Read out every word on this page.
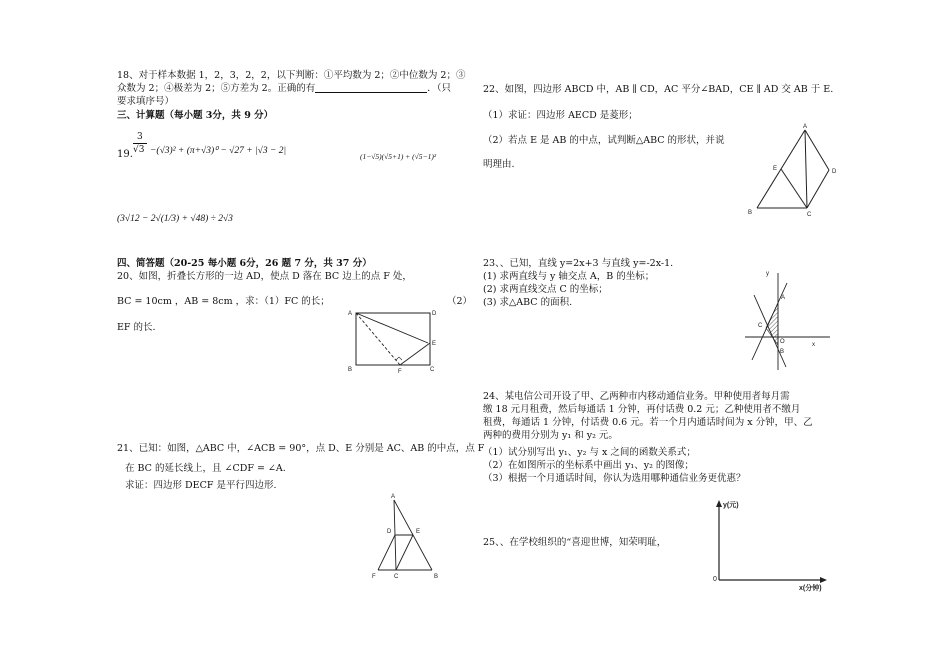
18、对于样本数据 1，2，3，2，2，以下判断：①平均数为 2；②中位数为 2；③
众数为 2；④极差为 2；⑤方差为 2。正确的有	．（只
要求填序号）
三、计算题（每小题 3分，共 9 分）
3
19. √3 −(√3)² + (π+√3)⁰ − √27 + |√3 − 2|
(1−√5)(√5+1) + (√5−1)²
(3√12 − 2√(1/3) + √48) ÷ 2√3
四、简答题（20-25 每小题 6分，26 题 7 分，共 37 分）
20、如图，折叠长方形的一边 AD，使点 D 落在 BC 边上的点 F 处，
BC = 10cm ，AB = 8cm ，求：（1）FC 的长；	（2）
EF 的长.
A	D
E
B	F	C
21、已知：如图，△ABC 中，∠ACB = 90°，点 D、E 分别是 AC、AB 的中点，点 F
在 BC 的延长线上，且 ∠CDF = ∠A.
求证：四边形 DECF 是平行四边形.
A
D	E
F	C	B
22、如图，四边形 ABCD 中，AB ∥ CD，AC 平分∠BAD，CE ∥ AD 交 AB 于 E.
（1）求证：四边形 AECD 是菱形；
（2）若点 E 是 AB 的中点，试判断△ABC 的形状，并说
明理由.
A
E	D
B	C
23、、已知，直线 y=2x+3 与直线 y=-2x-1.
(1) 求两直线与 y 轴交点 A，B 的坐标；
(2) 求两直线交点 C 的坐标；
(3) 求△ABC 的面积.
y
x
A
C
O
B
24、某电信公司开设了甲、乙两种市内移动通信业务。甲种使用者每月需
缴 18 元月租费，然后每通话 1 分钟，再付话费 0.2 元；乙种使用者不缴月
租费，每通话 1 分钟，付话费 0.6 元。若一个月内通话时间为 x 分钟，甲、乙
两种的费用分别为 y₁ 和 y₂ 元。
（1）试分别写出 y₁、y₂ 与 x 之间的函数关系式；
（2）在如图所示的坐标系中画出 y₁、y₂ 的图像；
（3）根据一个月通话时间，你认为选用哪种通信业务更优惠？
y(元)
x(分钟)
0
25、、在学校组织的“喜迎世博，知荣明耻，
